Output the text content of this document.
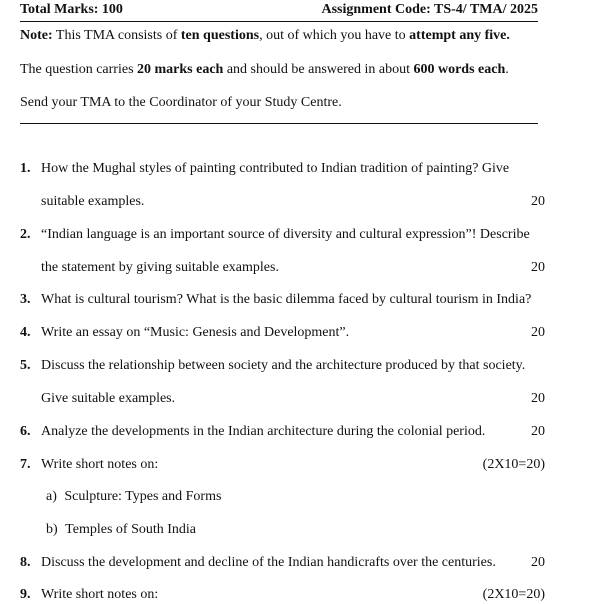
Total Marks: 100	Assignment Code: TS-4/ TMA/ 2025
Note: This TMA consists of ten questions, out of which you have to attempt any five.
The question carries 20 marks each and should be answered in about 600 words each.
Send your TMA to the Coordinator of your Study Centre.
1. How the Mughal styles of painting contributed to Indian tradition of painting? Give
suitable examples.	20
2. “Indian language is an important source of diversity and cultural expression”! Describe
the statement by giving suitable examples.	20
3. What is cultural tourism? What is the basic dilemma faced by cultural tourism in India?
4. Write an essay on “Music: Genesis and Development”.	20
5. Discuss the relationship between society and the architecture produced by that society.
Give suitable examples.	20
6. Analyze the developments in the Indian architecture during the colonial period.	20
7. Write short notes on:	(2X10=20)
a) Sculpture: Types and Forms
b) Temples of South India
8. Discuss the development and decline of the Indian handicrafts over the centuries.	20
9. Write short notes on:	(2X10=20)
